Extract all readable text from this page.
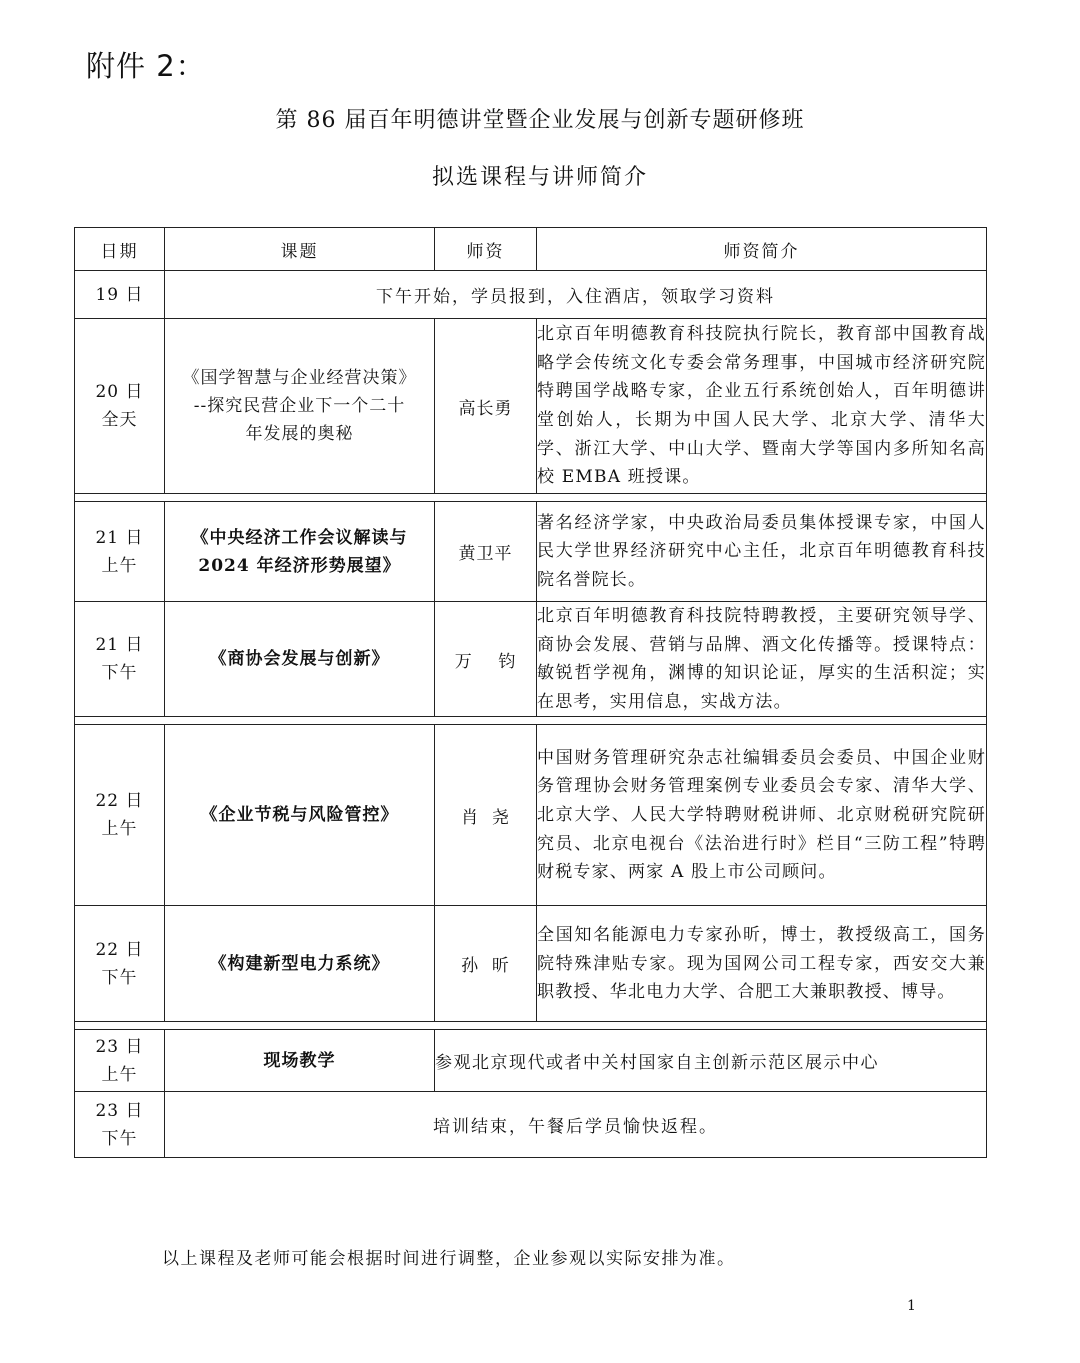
附件 2：
第 86 届百年明德讲堂暨企业发展与创新专题研修班
拟选课程与讲师简介
日期	课题	师资	师资简介
19 日	下午开始，学员报到，入住酒店，领取学习资料		
20 日
全天	《国学智慧与企业经营决策》
--探究民营企业下一个二十
年发展的奥秘	高长勇	北京百年明德教育科技院执行院长，教育部中国教育战略学会传统文化专委会常务理事，中国城市经济研究院特聘国学战略专家，企业五行系统创始人，百年明德讲堂创始人，长期为中国人民大学、北京大学、清华大学、浙江大学、中山大学、暨南大学等国内多所知名高校 EMBA 班授课。

21 日
上午	《中央经济工作会议解读与
2024 年经济形势展望》	黄卫平	著名经济学家，中央政治局委员集体授课专家，中国人民大学世界经济研究中心主任，北京百年明德教育科技院名誉院长。
21 日
下午	《商协会发展与创新》	万    钧	北京百年明德教育科技院特聘教授，主要研究领导学、商协会发展、营销与品牌、酒文化传播等。授课特点：敏锐哲学视角，渊博的知识论证，厚实的生活积淀；实在思考，实用信息，实战方法。

22 日
上午	《企业节税与风险管控》	肖  尧	中国财务管理研究杂志社编辑委员会委员、中国企业财务管理协会财务管理案例专业委员会专家、清华大学、北京大学、人民大学特聘财税讲师、北京财税研究院研究员、北京电视台《法治进行时》栏目“三防工程”特聘财税专家、两家 A 股上市公司顾问。
22 日
下午	《构建新型电力系统》	孙  昕	全国知名能源电力专家孙昕，博士，教授级高工，国务院特殊津贴专家。现为国网公司工程专家，西安交大兼职教授、华北电力大学、合肥工大兼职教授、博导。

23 日
上午	现场教学	参观北京现代或者中关村国家自主创新示范区展示中心	
23 日
下午	培训结束，午餐后学员愉快返程。		
以上课程及老师可能会根据时间进行调整，企业参观以实际安排为准。
1
